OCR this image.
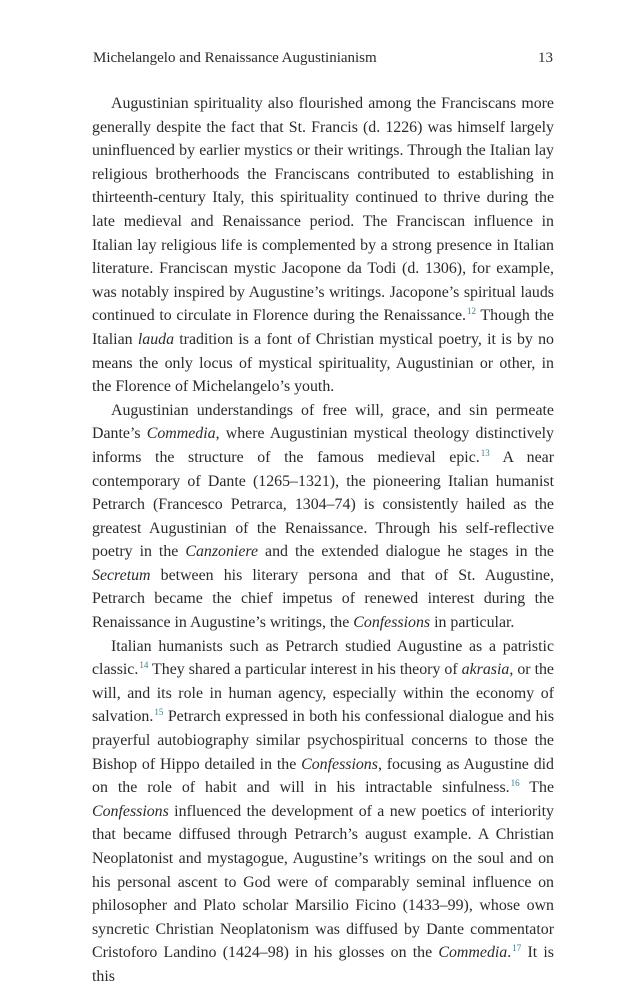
Michelangelo and Renaissance Augustinianism	13

Augustinian spirituality also flourished among the Franciscans more generally despite the fact that St. Francis (d. 1226) was himself largely uninfluenced by earlier mystics or their writings. Through the Italian lay religious brotherhoods the Franciscans contributed to establishing in thirteenth-century Italy, this spirituality continued to thrive during the late medieval and Renaissance period. The Franciscan influence in Italian lay religious life is complemented by a strong presence in Italian literature. Franciscan mystic Jacopone da Todi (d. 1306), for example, was notably inspired by Augustine’s writings. Jacopone’s spiritual lauds continued to circulate in Florence during the Renaissance.$^{12}$ Though the Italian lauda tradition is a font of Christian mystical poetry, it is by no means the only locus of mystical spirituality, Augustinian or other, in the Florence of Michelangelo’s youth.

Augustinian understandings of free will, grace, and sin permeate Dante’s Commedia, where Augustinian mystical theology distinctively informs the structure of the famous medieval epic.$^{13}$ A near contemporary of Dante (1265–1321), the pioneering Italian humanist Petrarch (Francesco Petrarca, 1304–74) is consistently hailed as the greatest Augustinian of the Renaissance. Through his self-reflective poetry in the Canzoniere and the extended dialogue he stages in the Secretum between his literary persona and that of St. Augustine, Petrarch became the chief impetus of renewed interest during the Renaissance in Augustine’s writings, the Confessions in particular.

Italian humanists such as Petrarch studied Augustine as a patristic classic.$^{14}$ They shared a particular interest in his theory of akrasia, or the will, and its role in human agency, especially within the economy of salvation.$^{15}$ Petrarch expressed in both his confessional dialogue and his prayerful autobiography similar psychospiritual concerns to those the Bishop of Hippo detailed in the Confessions, focusing as Augustine did on the role of habit and will in his intractable sinfulness.$^{16}$ The Confessions influenced the development of a new poetics of interiority that became diffused through Petrarch’s august example. A Christian Neoplatonist and mystagogue, Augustine’s writings on the soul and on his personal ascent to God were of comparably seminal influence on philosopher and Plato scholar Marsilio Ficino (1433–99), whose own syncretic Christian Neoplatonism was diffused by Dante commentator Cristoforo Landino (1424–98) in his glosses on the Commedia.$^{17}$ It is this
